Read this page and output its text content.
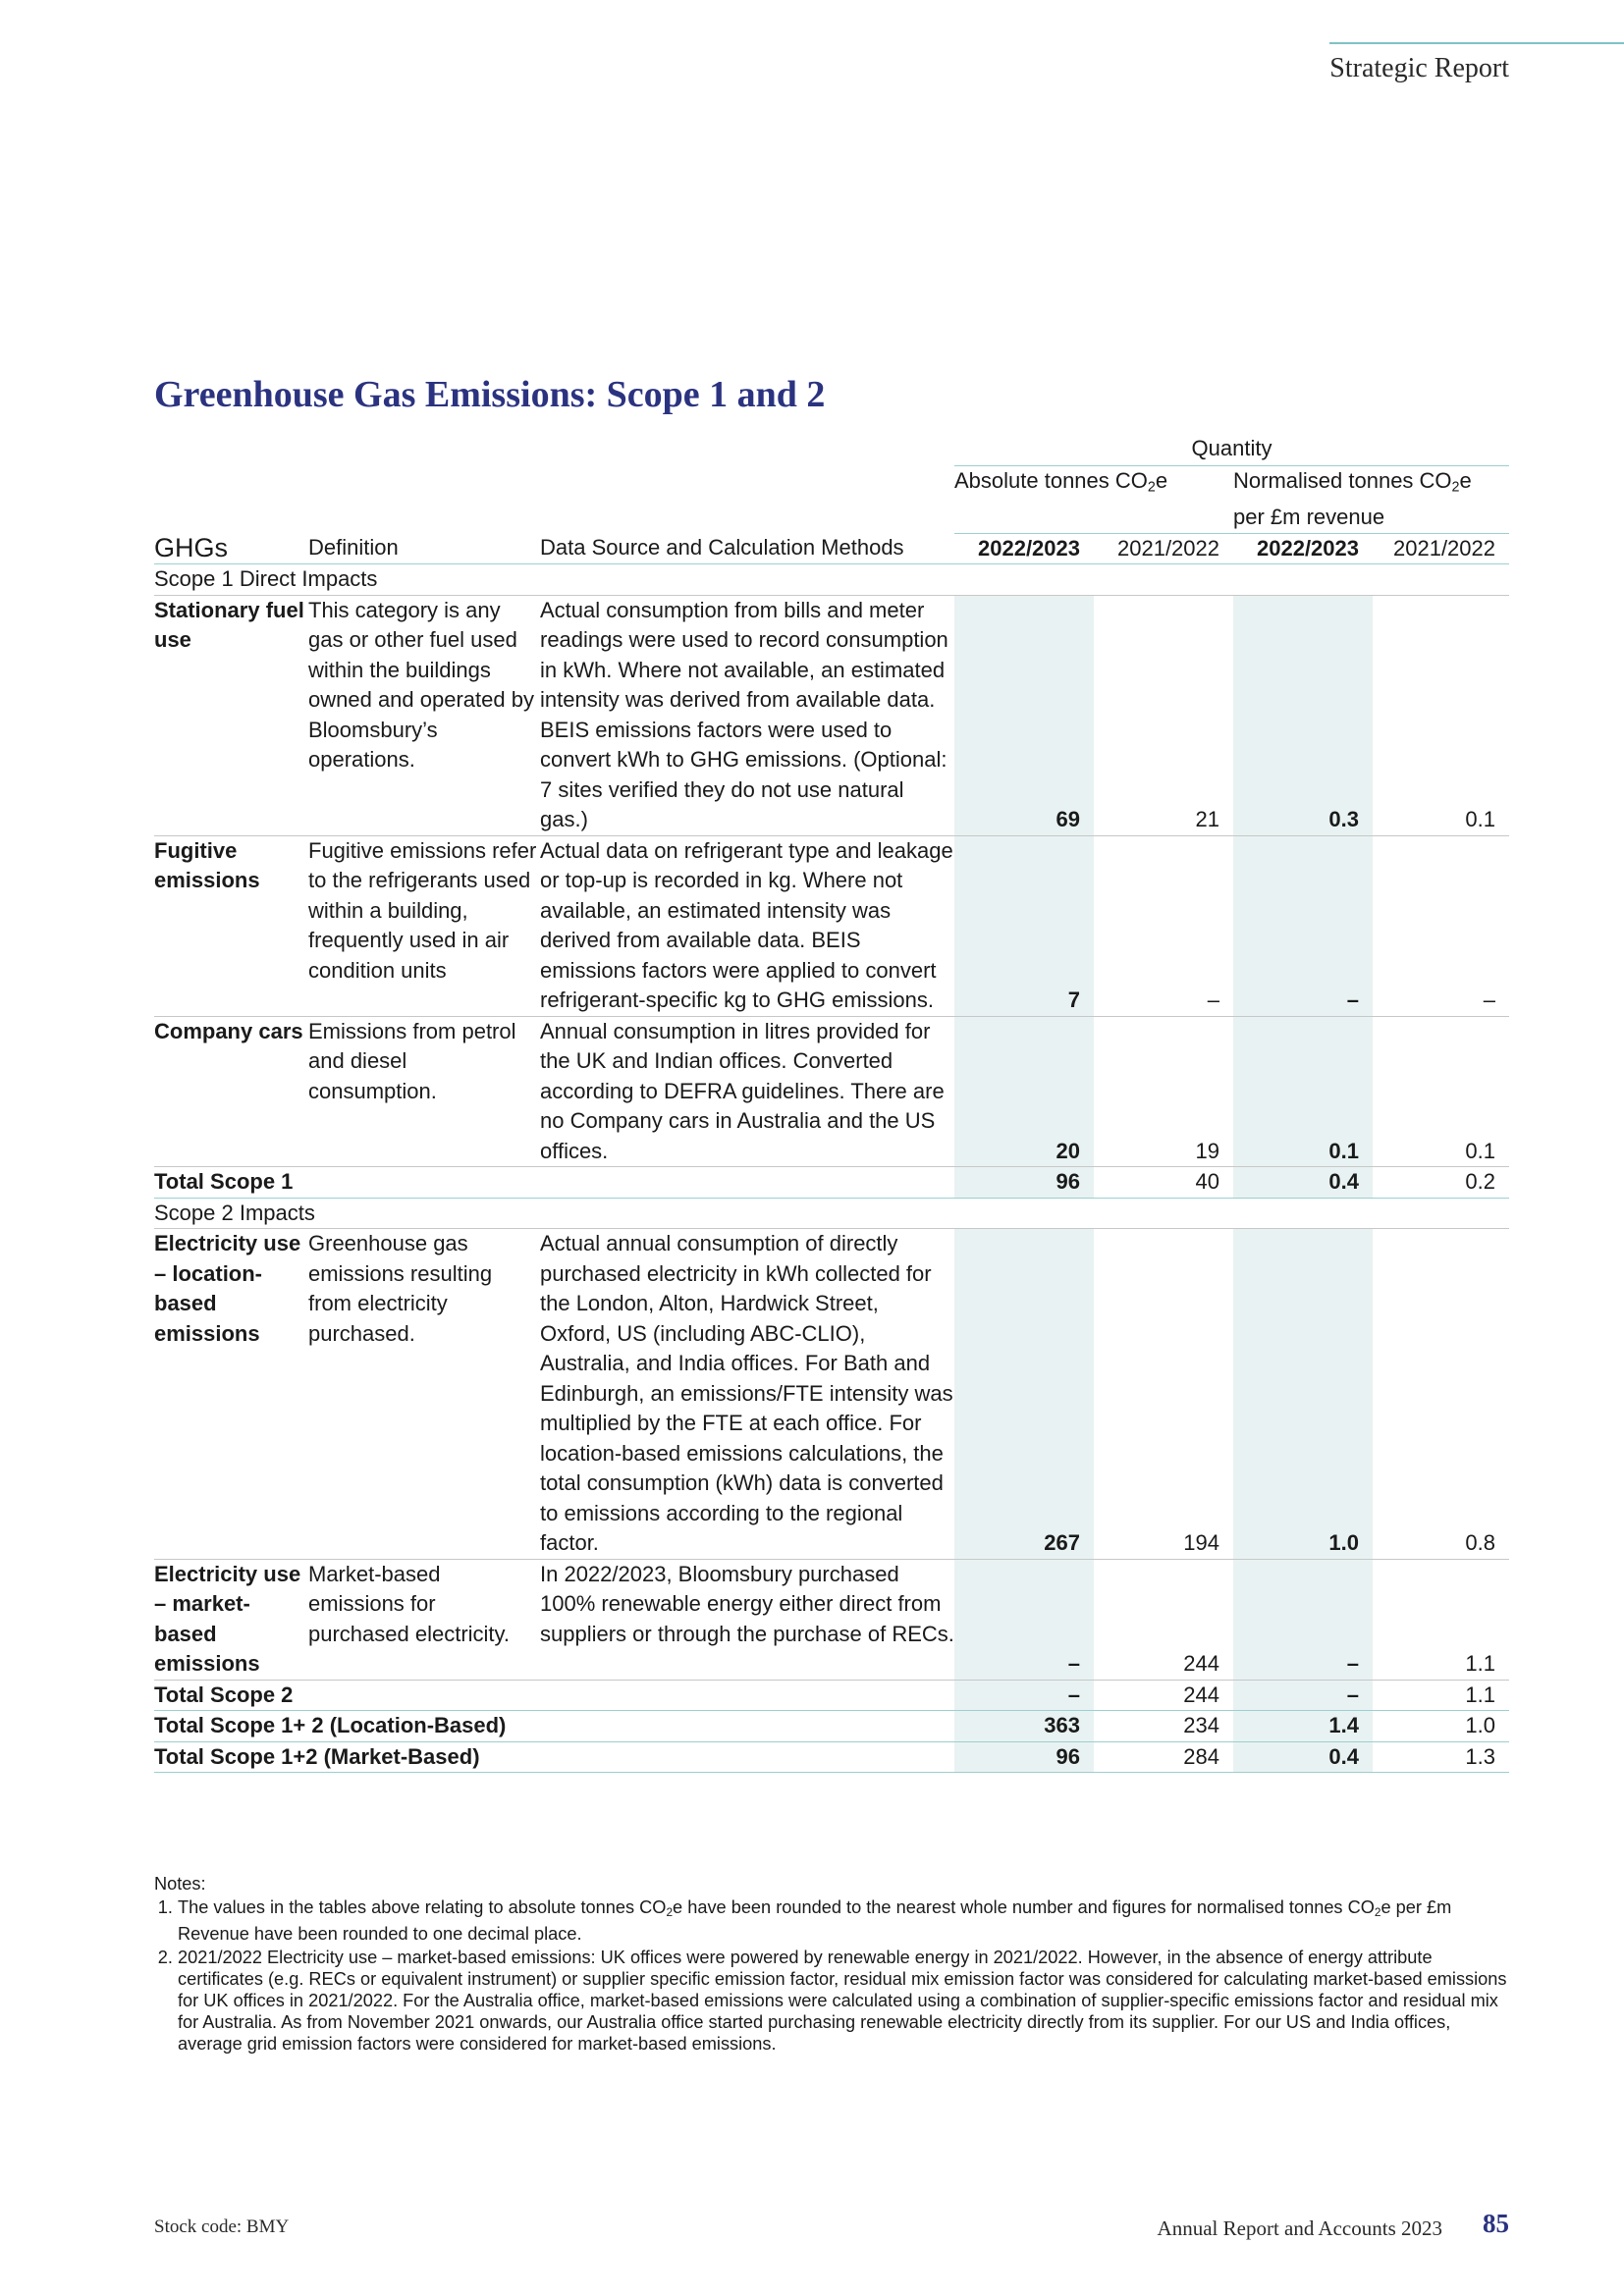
Strategic Report
Greenhouse Gas Emissions: Scope 1 and 2
			Quantity			
			Absolute tonnes $CO_2e$		Normalised tonnes $CO_2e$
per £m revenue	
GHGs	Definition	Data Source and Calculation Methods	2022/2023	2021/2022	2022/2023	2021/2022
Scope 1 Direct Impacts						
Stationary fuel use	This category is any gas or other fuel used within the buildings owned and operated by Bloomsbury’s operations.	Actual consumption from bills and meter readings were used to record consumption in kWh. Where not available, an estimated intensity was derived from available data. BEIS emissions factors were used to convert kWh to GHG emissions. (Optional: 7 sites verified they do not use natural gas.)	69	21	0.3	0.1
Fugitive emissions	Fugitive emissions refer to the refrigerants used within a building, frequently used in air condition units	Actual data on refrigerant type and leakage or top-up is recorded in kg. Where not available, an estimated intensity was derived from available data. BEIS emissions factors were applied to convert refrigerant-specific kg to GHG emissions.	7	–	–	–
Company cars	Emissions from petrol and diesel consumption.	Annual consumption in litres provided for the UK and Indian offices. Converted according to DEFRA guidelines. There are no Company cars in Australia and the US offices.	20	19	0.1	0.1
Total Scope 1			96	40	0.4	0.2
Scope 2 Impacts						
Electricity use – location-based emissions	Greenhouse gas emissions resulting from electricity purchased.	Actual annual consumption of directly purchased electricity in kWh collected for the London, Alton, Hardwick Street, Oxford, US (including ABC-CLIO), Australia, and India offices. For Bath and Edinburgh, an emissions/FTE intensity was multiplied by the FTE at each office. For location-based emissions calculations, the total consumption (kWh) data is converted to emissions according to the regional factor.	267	194	1.0	0.8
Electricity use – market-based emissions	Market-based emissions for purchased electricity.	In 2022/2023, Bloomsbury purchased 100% renewable energy either direct from suppliers or through the purchase of RECs.	–	244	–	1.1
Total Scope 2			–	244	–	1.1
Total Scope 1+ 2 (Location-Based)			363	234	1.4	1.0
Total Scope 1+2 (Market-Based)			96	284	0.4	1.3

Notes:

1. The values in the tables above relating to absolute tonnes $CO_2e$ have been rounded to the nearest whole number and figures for normalised tonnes $CO_2e$ per £m Revenue have been rounded to one decimal place.
2. 2021/2022 Electricity use – market-based emissions: UK offices were powered by renewable energy in 2021/2022. However, in the absence of energy attribute certificates (e.g. RECs or equivalent instrument) or supplier specific emission factor, residual mix emission factor was considered for calculating market-based emissions for UK offices in 2021/2022. For the Australia office, market-based emissions were calculated using a combination of supplier-specific emissions factor and residual mix for Australia. As from November 2021 onwards, our Australia office started purchasing renewable electricity directly from its supplier. For our US and India offices, average grid emission factors were considered for market-based emissions.
Stock code: BMY	Annual Report and Accounts 2023 85
